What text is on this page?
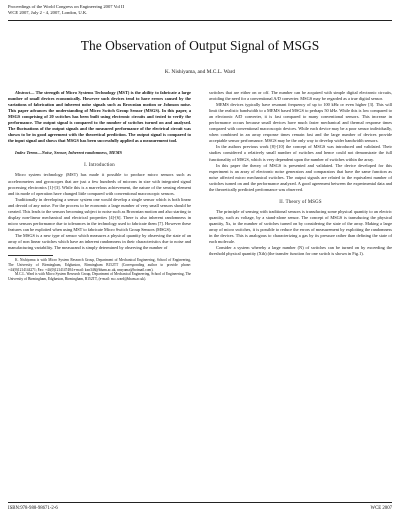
Proceedings of the World Congress on Engineering 2007 Vol II
WCE 2007, July 2 - 4, 2007, London, U.K.
The Observation of Output Signal of MSGS
K. Nishiyama, and M.C.L. Ward

Abstract— The strength of Micro Systems Technology (MST) is the ability to fabricate a large number of small devices economically. However such devices tend to have errors caused by the variations of fabrication and inherent noise signals such as Brownian motion or Johnson noise. This paper advances the understanding of Micro Switch Group Sensor (MSGS). In this paper, a MSGS comprising of 20 switches has been built using electronic circuits and tested to verify the performance. The output signal is compared to the number of switches turned on and analysed. The fluctuations of the output signals and the measured performance of the electrical circuit was shown to be in good agreement with the theoretical prediction. The output signal is compared to the input signal and shows that MSGS has been successfully applied as a measurement tool.

Index Terms—Noise, Sensor, Inherent randomness, MEMS

I. Introduction

Micro system technology (MST) has made it possible to produce micro sensors such as accelerometers and gyroscopes that are just a few hundreds of microns in size with integrated signal processing electronics [1]-[3]. While this is a marvelous achievement, the nature of the sensing element and its mode of operation have changed little compared with conventional macroscopic sensors.

Traditionally in developing a sensor system one would develop a single sensor which is both linear and devoid of any noise. For the process to be economic a large number of very small sensors should be created. This leads to the sensors becoming subject to noise such as Brownian motion and also starting to display non-linear mechanical and electrical properties [4]-[6]. There is also inherent randomness in micro sensors performance due to tolerances in the technology used to fabricate them [7]. However these features can be exploited when using MST to fabricate Micro Switch Group Sensors (MSGS).

The MSGS is a new type of sensor which measures a physical quantity by observing the state of an array of non linear switches which have an inherent randomness in their characteristics due to noise and manufacturing variability. The measurand is simply determined by observing the number of

K. Nishiyama is with Micro System Research Group, Department of Mechanical Engineering, School of Engineering, The University of Birmingham, Edgbaston, Birmingham B152TT (Corresponding author to provide phone: +44(0)1214144271; Fax: +44(0)1214147484 e-mail: kxn348@bham.ac.uk, nnsyama@hotmail.com).

M.C.L. Ward is with Micro System Research Group, Department of Mechanical Engineering, School of Engineering, The University of Birmingham, Edgbaston, Birmingham, B152TT, (e-mail: m.c.ward@bham.ac.uk).

switches that are either on or off. The number can be acquired with simple digital electronic circuits, avoiding the need for a conventional A/D converter. MSGS may be regarded as a true digital sensor.

MEMS devices typically have resonant frequency of up to 100 kHz or even higher [3]. This will limit the realistic bandwidth to a MEMS based MSGS to perhaps 50 kHz. While this is low compared to an electronic A/D converter, it is fast compared to many conventional sensors. This increase in performance occurs because small devices have much faster mechanical and thermal response times compared with conventional macroscopic devices. While each device may be a poor sensor individually, when combined in an array response times remain fast and the large number of devices provide acceptable sensor performance. MSGS may be the only way to develop wider bandwidth sensors.

In the authors previous work [8]-[10] the concept of MSGS was introduced and validated. Their studies considered a relatively small number of switches and hence could not demonstrate the full functionality of MSGS, which is very dependent upon the number of switches within the array.

In this paper the theory of MSGS is presented and validated. The device developed for this experiment is an array of electronic noise generators and comparators that have the same function as noise affected micro mechanical switches. The output signals are related to the equivalent number of switches turned on and the performance analyzed. A good agreement between the experimental data and the theoretically predicted performance was observed.

II. Theory of MSGS

The principle of sensing with traditional sensors is transducing some physical quantity to an electric quantity, such as voltage, by a stand-alone sensor. The concept of MSGS is transducing the physical quantity, Xs, to the number of switches turned on by considering the state of the array. Making a large array of micro switches, it is possible to reduce the errors of measurement by exploiting the randomness in the devices. This is analogous to characterizing a gas by its pressure rather than defining the state of each molecule.

Consider a system whereby a large number (N) of switches can be turned on by exceeding the threshold physical quantity (Xth) (the transfer function for one switch is shown in Fig.1).

ISBN:978-988-98671-2-6	WCE 2007
